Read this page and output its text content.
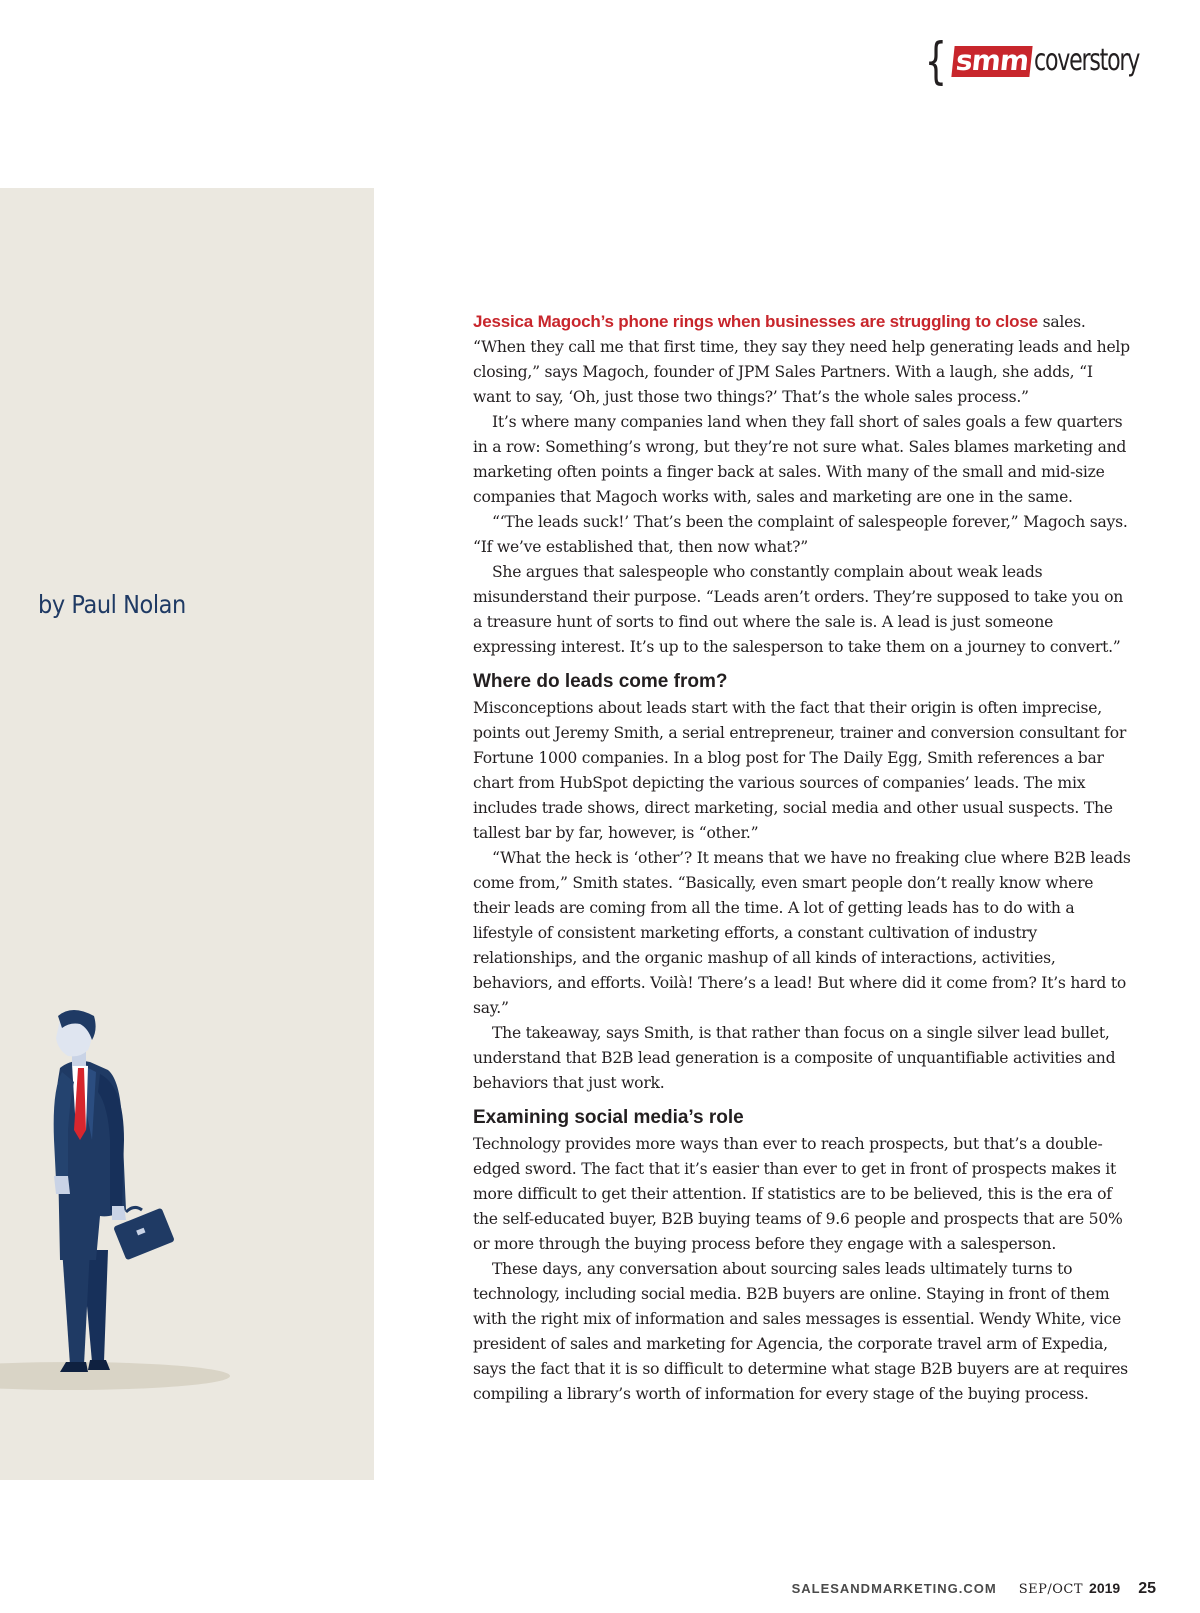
{ smm coverstory
by Paul Nolan

Jessica Magoch’s phone rings when businesses are struggling to close sales. “When they call me that first time, they say they need help generating leads and help closing,” says Magoch, founder of JPM Sales Partners. With a laugh, she adds, “I want to say, ‘Oh, just those two things?’ That’s the whole sales process.”

It’s where many companies land when they fall short of sales goals a few quarters in a row: Something’s wrong, but they’re not sure what. Sales blames marketing and marketing often points a finger back at sales. With many of the small and mid-size companies that Magoch works with, sales and marketing are one in the same.

“‘The leads suck!’ That’s been the complaint of salespeople forever,” Magoch says. “If we’ve established that, then now what?”

She argues that salespeople who constantly complain about weak leads misunderstand their purpose. “Leads aren’t orders. They’re supposed to take you on a treasure hunt of sorts to find out where the sale is. A lead is just someone expressing interest. It’s up to the salesperson to take them on a journey to convert.”

Where do leads come from?

Misconceptions about leads start with the fact that their origin is often imprecise, points out Jeremy Smith, a serial entrepreneur, trainer and conversion consultant for Fortune 1000 companies. In a blog post for The Daily Egg, Smith references a bar chart from HubSpot depicting the various sources of companies’ leads. The mix includes trade shows, direct marketing, social media and other usual suspects. The tallest bar by far, however, is “other.”

“What the heck is ‘other’? It means that we have no freaking clue where B2B leads come from,” Smith states. “Basically, even smart people don’t really know where their leads are coming from all the time. A lot of getting leads has to do with a lifestyle of consistent marketing efforts, a constant cultivation of industry relationships, and the organic mashup of all kinds of interactions, activities, behaviors, and efforts. Voilà! There’s a lead! But where did it come from? It’s hard to say.”

The takeaway, says Smith, is that rather than focus on a single silver lead bullet, understand that B2B lead generation is a composite of unquantifiable activities and behaviors that just work.

Examining social media’s role

Technology provides more ways than ever to reach prospects, but that’s a double-edged sword. The fact that it’s easier than ever to get in front of prospects makes it more difficult to get their attention. If statistics are to be believed, this is the era of the self-educated buyer, B2B buying teams of 9.6 people and prospects that are 50% or more through the buying process before they engage with a salesperson.

These days, any conversation about sourcing sales leads ultimately turns to technology, including social media. B2B buyers are online. Staying in front of them with the right mix of information and sales messages is essential. Wendy White, vice president of sales and marketing for Agencia, the corporate travel arm of Expedia, says the fact that it is so difficult to determine what stage B2B buyers are at requires compiling a library’s worth of information for every stage of the buying process.

SALESANDMARKETING.COM SEP/OCT 2019 25
